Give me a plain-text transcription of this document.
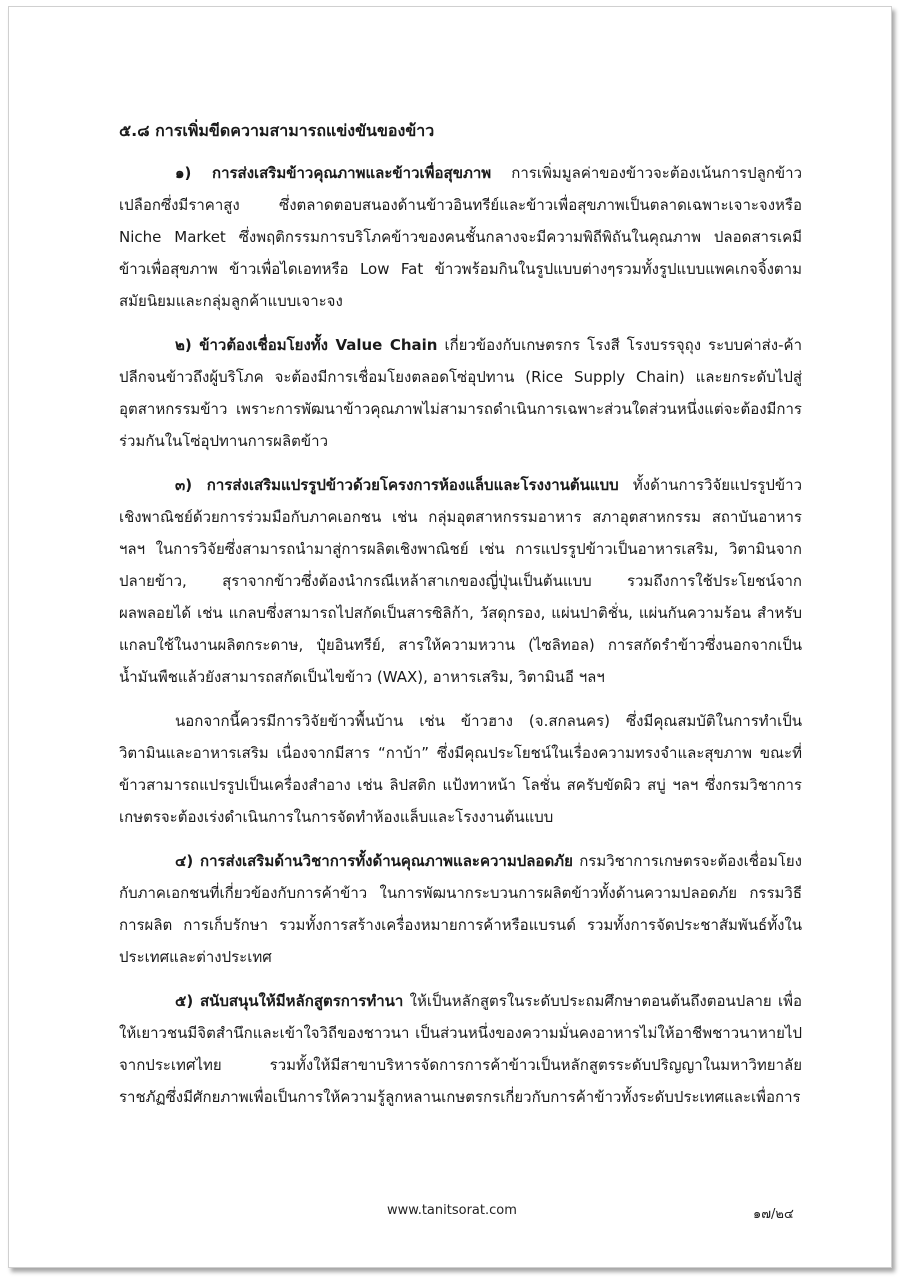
๕.๘ การเพิ่มขีดความสามารถแข่งขันของข้าว

๑) การส่งเสริมข้าวคุณภาพและข้าวเพื่อสุขภาพ การเพิ่มมูลค่าของข้าวจะต้องเน้นการปลูกข้าวเปลือกซึ่งมีราคาสูง ซึ่งตลาดตอบสนองด้านข้าวอินทรีย์และข้าวเพื่อสุขภาพเป็นตลาดเฉพาะเจาะจงหรือ Niche Market ซึ่งพฤติกรรมการบริโภคข้าวของคนชั้นกลางจะมีความพิถีพิถันในคุณภาพ ปลอดสารเคมี ข้าวเพื่อสุขภาพ ข้าวเพื่อไดเอทหรือ Low Fat ข้าวพร้อมกินในรูปแบบต่างๆรวมทั้งรูปแบบแพคเกจจิ้งตามสมัยนิยมและกลุ่มลูกค้าแบบเจาะจง

๒) ข้าวต้องเชื่อมโยงทั้ง Value Chain เกี่ยวข้องกับเกษตรกร โรงสี โรงบรรจุถุง ระบบค่าส่ง-ค้าปลีกจนข้าวถึงผู้บริโภค จะต้องมีการเชื่อมโยงตลอดโซ่อุปทาน (Rice Supply Chain) และยกระดับไปสู่อุตสาหกรรมข้าว เพราะการพัฒนาข้าวคุณภาพไม่สามารถดำเนินการเฉพาะส่วนใดส่วนหนึ่งแต่จะต้องมีการร่วมกันในโซ่อุปทานการผลิตข้าว

๓) การส่งเสริมแปรรูปข้าวด้วยโครงการห้องแล็บและโรงงานต้นแบบ ทั้งด้านการวิจัยแปรรูปข้าวเชิงพาณิชย์ด้วยการร่วมมือกับภาคเอกชน เช่น กลุ่มอุตสาหกรรมอาหาร สภาอุตสาหกรรม สถาบันอาหารฯลฯ ในการวิจัยซึ่งสามารถนำมาสู่การผลิตเชิงพาณิชย์ เช่น การแปรรูปข้าวเป็นอาหารเสริม, วิตามินจากปลายข้าว, สุราจากข้าวซึ่งต้องนำกรณีเหล้าสาเกของญี่ปุ่นเป็นต้นแบบ รวมถึงการใช้ประโยชน์จากผลพลอยได้ เช่น แกลบซึ่งสามารถไปสกัดเป็นสารซิลิก้า, วัสดุกรอง, แผ่นปาติชั่น, แผ่นกันความร้อน สำหรับแกลบใช้ในงานผลิตกระดาษ, ปุ๋ยอินทรีย์, สารให้ความหวาน (ไซลิทอล) การสกัดรำข้าวซึ่งนอกจากเป็นน้ำมันพืชแล้วยังสามารถสกัดเป็นไขข้าว (WAX), อาหารเสริม, วิตามินอี ฯลฯ

นอกจากนี้ควรมีการวิจัยข้าวพื้นบ้าน เช่น ข้าวฮาง (จ.สกลนคร) ซึ่งมีคุณสมบัติในการทำเป็นวิตามินและอาหารเสริม เนื่องจากมีสาร “กาบ้า” ซึ่งมีคุณประโยชน์ในเรื่องความทรงจำและสุขภาพ ขณะที่ข้าวสามารถแปรรูปเป็นเครื่องสำอาง เช่น ลิปสติก แป้งทาหน้า โลชั่น สครับขัดผิว สบู่ ฯลฯ ซึ่งกรมวิชาการเกษตรจะต้องเร่งดำเนินการในการจัดทำห้องแล็บและโรงงานต้นแบบ

๔) การส่งเสริมด้านวิชาการทั้งด้านคุณภาพและความปลอดภัย กรมวิชาการเกษตรจะต้องเชื่อมโยงกับภาคเอกชนที่เกี่ยวข้องกับการค้าข้าว ในการพัฒนากระบวนการผลิตข้าวทั้งด้านความปลอดภัย กรรมวิธีการผลิต การเก็บรักษา รวมทั้งการสร้างเครื่องหมายการค้าหรือแบรนด์ รวมทั้งการจัดประชาสัมพันธ์ทั้งในประเทศและต่างประเทศ

๕) สนับสนุนให้มีหลักสูตรการทำนา ให้เป็นหลักสูตรในระดับประถมศึกษาตอนต้นถึงตอนปลาย เพื่อให้เยาวชนมีจิตสำนึกและเข้าใจวิถีของชาวนา เป็นส่วนหนึ่งของความมั่นคงอาหารไม่ให้อาชีพชาวนาหายไปจากประเทศไทย รวมทั้งให้มีสาขาบริหารจัดการการค้าข้าวเป็นหลักสูตรระดับปริญญาในมหาวิทยาลัยราชภัฏซึ่งมีศักยภาพเพื่อเป็นการให้ความรู้ลูกหลานเกษตรกรเกี่ยวกับการค้าข้าวทั้งระดับประเทศและเพื่อการ

www.tanitsorat.com	๑๗/๒๔
